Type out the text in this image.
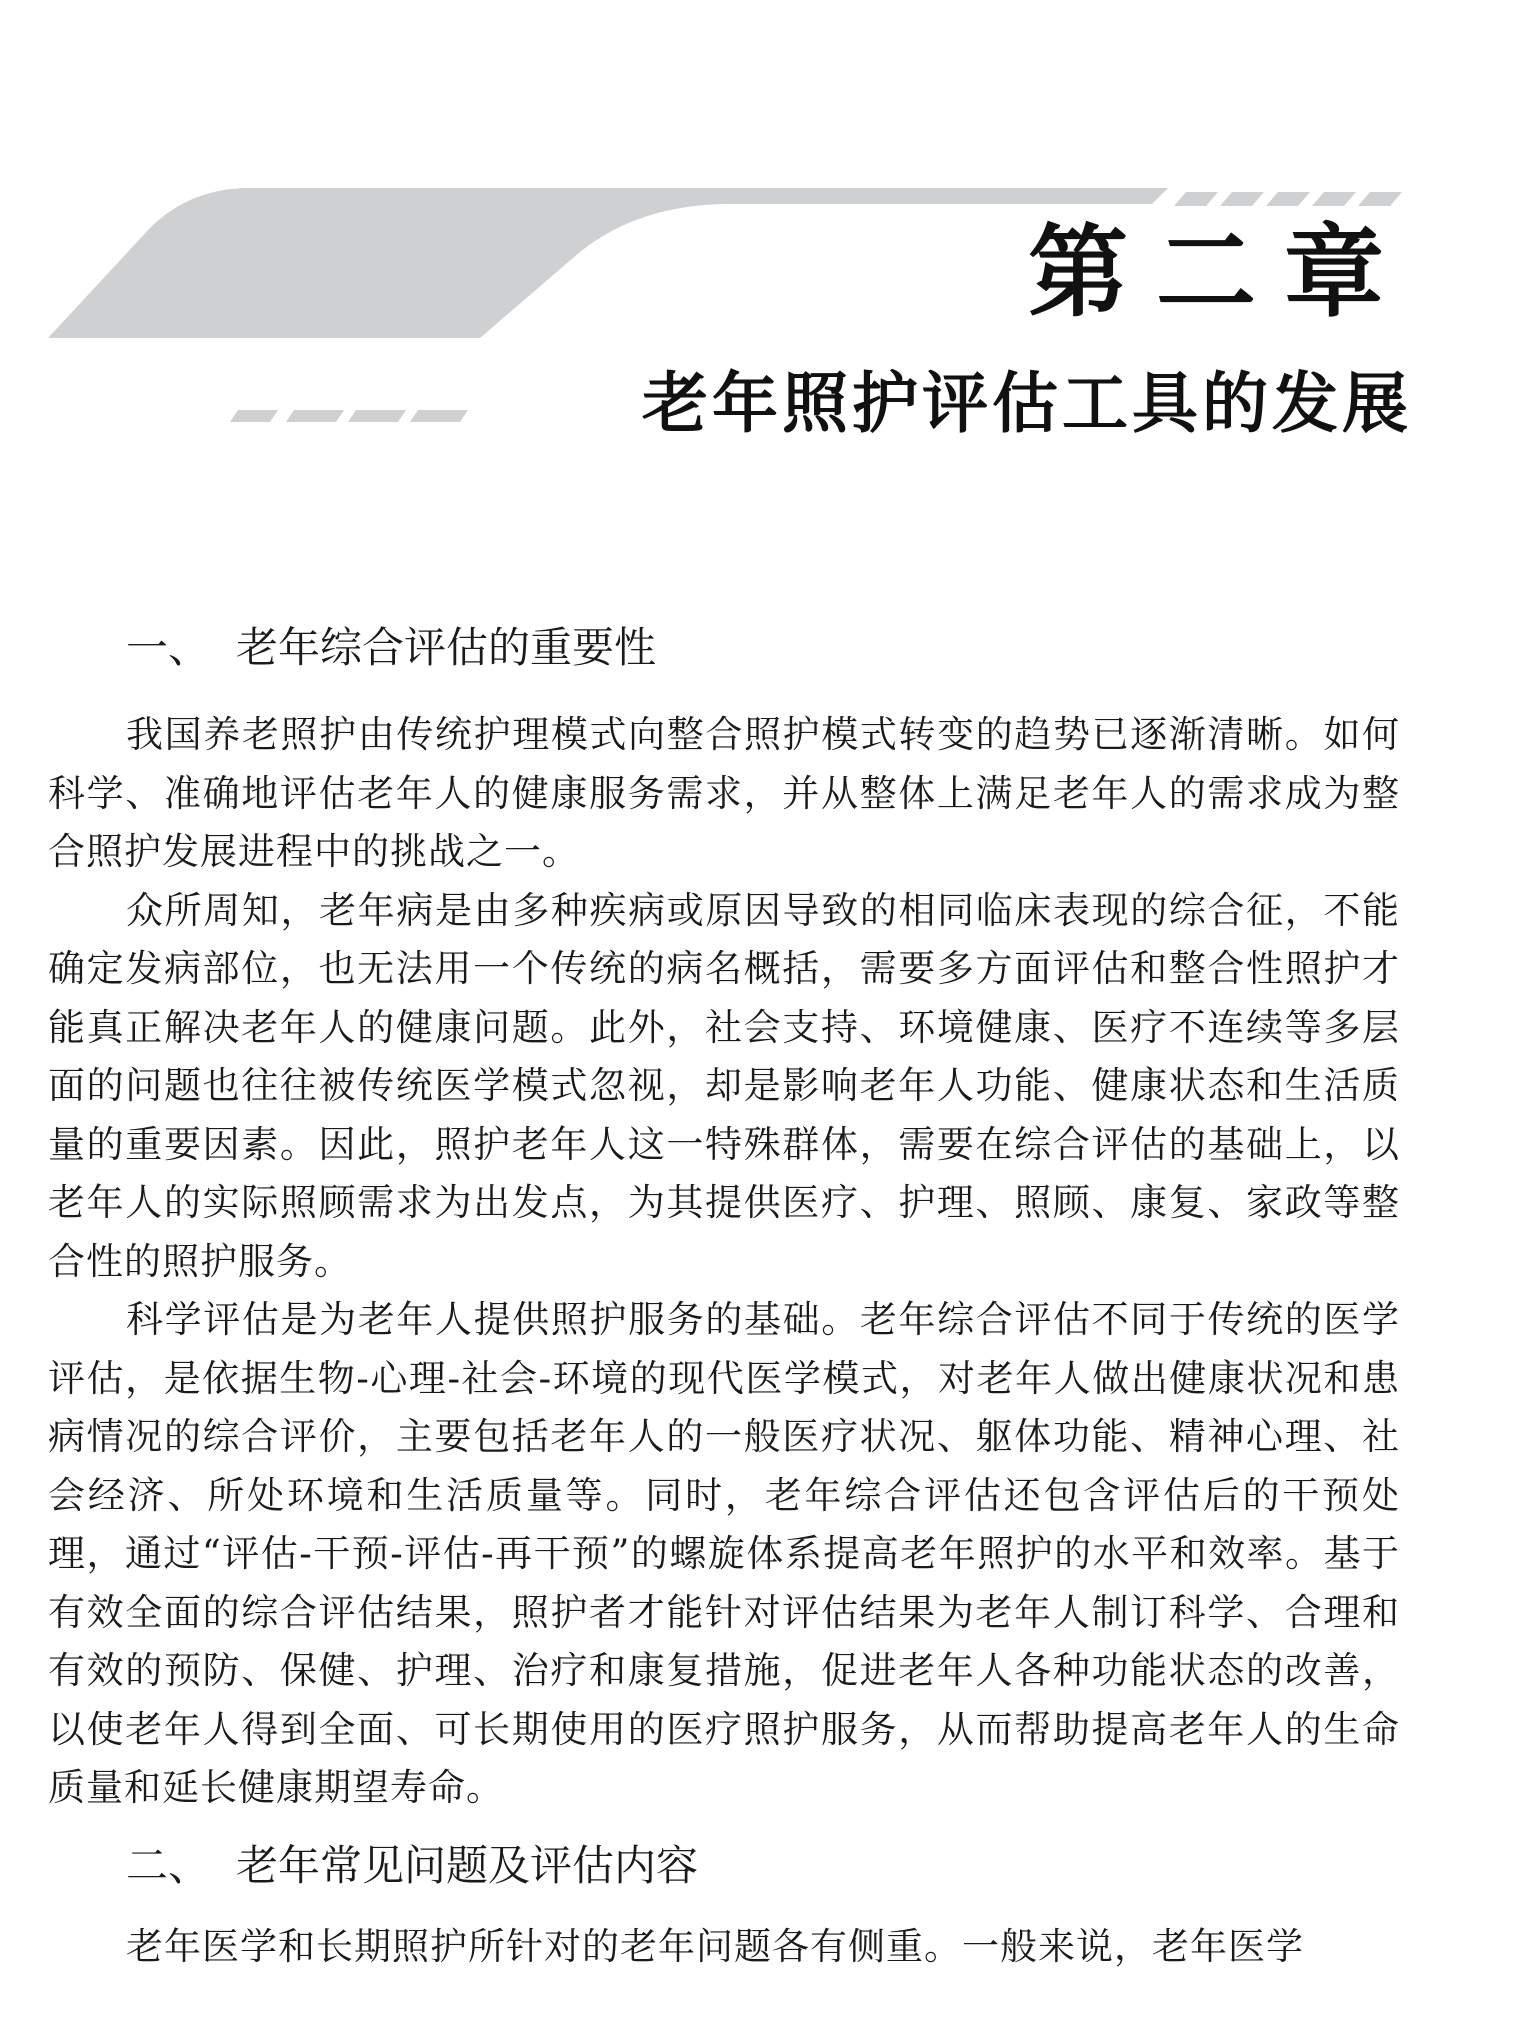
第二章
老年照护评估工具的发展
一、 老年综合评估的重要性

我国养老照护由传统护理模式向整合照护模式转变的趋势已逐渐清晰。如何科学、准确地评估老年人的健康服务需求，并从整体上满足老年人的需求成为整合照护发展进程中的挑战之一。

众所周知，老年病是由多种疾病或原因导致的相同临床表现的综合征，不能确定发病部位，也无法用一个传统的病名概括，需要多方面评估和整合性照护才能真正解决老年人的健康问题。此外，社会支持、环境健康、医疗不连续等多层面的问题也往往被传统医学模式忽视，却是影响老年人功能、健康状态和生活质量的重要因素。因此，照护老年人这一特殊群体，需要在综合评估的基础上，以老年人的实际照顾需求为出发点，为其提供医疗、护理、照顾、康复、家政等整合性的照护服务。

科学评估是为老年人提供照护服务的基础。老年综合评估不同于传统的医学评估，是依据生物-心理-社会-环境的现代医学模式，对老年人做出健康状况和患病情况的综合评价，主要包括老年人的一般医疗状况、躯体功能、精神心理、社会经济、所处环境和生活质量等。同时，老年综合评估还包含评估后的干预处理，通过“评估-干预-评估-再干预”的螺旋体系提高老年照护的水平和效率。基于有效全面的综合评估结果，照护者才能针对评估结果为老年人制订科学、合理和有效的预防、保健、护理、治疗和康复措施，促进老年人各种功能状态的改善，以使老年人得到全面、可长期使用的医疗照护服务，从而帮助提高老年人的生命质量和延长健康期望寿命。

二、 老年常见问题及评估内容

老年医学和长期照护所针对的老年问题各有侧重。一般来说，老年医学
